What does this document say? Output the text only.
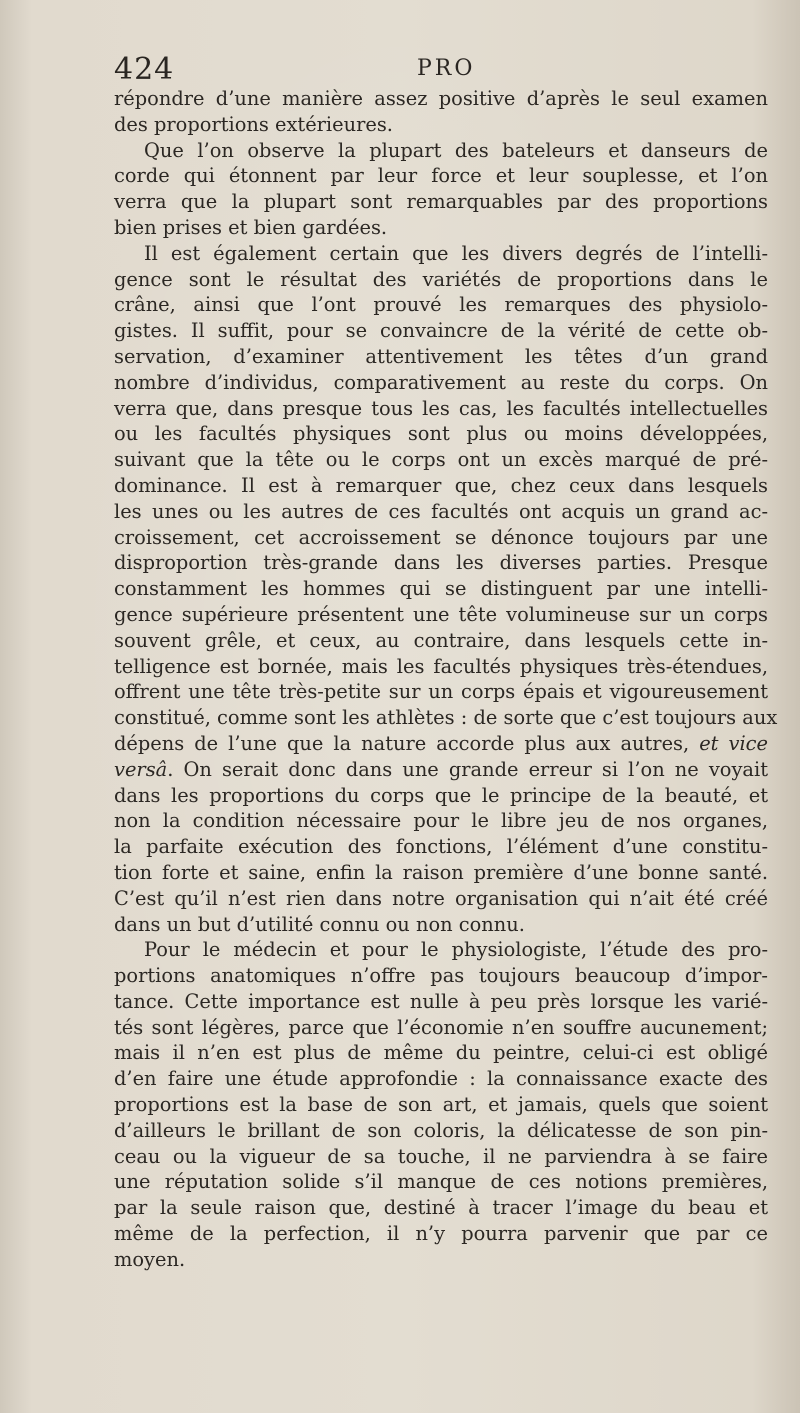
424	PRO
répondre d’une manière assez positive d’après le seul examen
des proportions extérieures.
Que l’on observe la plupart des bateleurs et danseurs de
corde qui étonnent par leur force et leur souplesse, et l’on
verra que la plupart sont remarquables par des proportions
bien prises et bien gardées.
Il est également certain que les divers degrés de l’intelli-
gence sont le résultat des variétés de proportions dans le
crâne, ainsi que l’ont prouvé les remarques des physiolo-
gistes. Il suffit, pour se convaincre de la vérité de cette ob-
servation, d’examiner attentivement les têtes d’un grand
nombre d’individus, comparativement au reste du corps. On
verra que, dans presque tous les cas, les facultés intellectuelles
ou les facultés physiques sont plus ou moins développées,
suivant que la tête ou le corps ont un excès marqué de pré-
dominance. Il est à remarquer que, chez ceux dans lesquels
les unes ou les autres de ces facultés ont acquis un grand ac-
croissement, cet accroissement se dénonce toujours par une
disproportion très-grande dans les diverses parties. Presque
constamment les hommes qui se distinguent par une intelli-
gence supérieure présentent une tête volumineuse sur un corps
souvent grêle, et ceux, au contraire, dans lesquels cette in-
telligence est bornée, mais les facultés physiques très-étendues,
offrent une tête très-petite sur un corps épais et vigoureusement
constitué, comme sont les athlètes : de sorte que c’est toujours aux
dépens de l’une que la nature accorde plus aux autres, et vice
versâ. On serait donc dans une grande erreur si l’on ne voyait
dans les proportions du corps que le principe de la beauté, et
non la condition nécessaire pour le libre jeu de nos organes,
la parfaite exécution des fonctions, l’élément d’une constitu-
tion forte et saine, enfin la raison première d’une bonne santé.
C’est qu’il n’est rien dans notre organisation qui n’ait été créé
dans un but d’utilité connu ou non connu.
Pour le médecin et pour le physiologiste, l’étude des pro-
portions anatomiques n’offre pas toujours beaucoup d’impor-
tance. Cette importance est nulle à peu près lorsque les varié-
tés sont légères, parce que l’économie n’en souffre aucunement;
mais il n’en est plus de même du peintre, celui-ci est obligé
d’en faire une étude approfondie : la connaissance exacte des
proportions est la base de son art, et jamais, quels que soient
d’ailleurs le brillant de son coloris, la délicatesse de son pin-
ceau ou la vigueur de sa touche, il ne parviendra à se faire
une réputation solide s’il manque de ces notions premières,
par la seule raison que, destiné à tracer l’image du beau et
même de la perfection, il n’y pourra parvenir que par ce
moyen.
